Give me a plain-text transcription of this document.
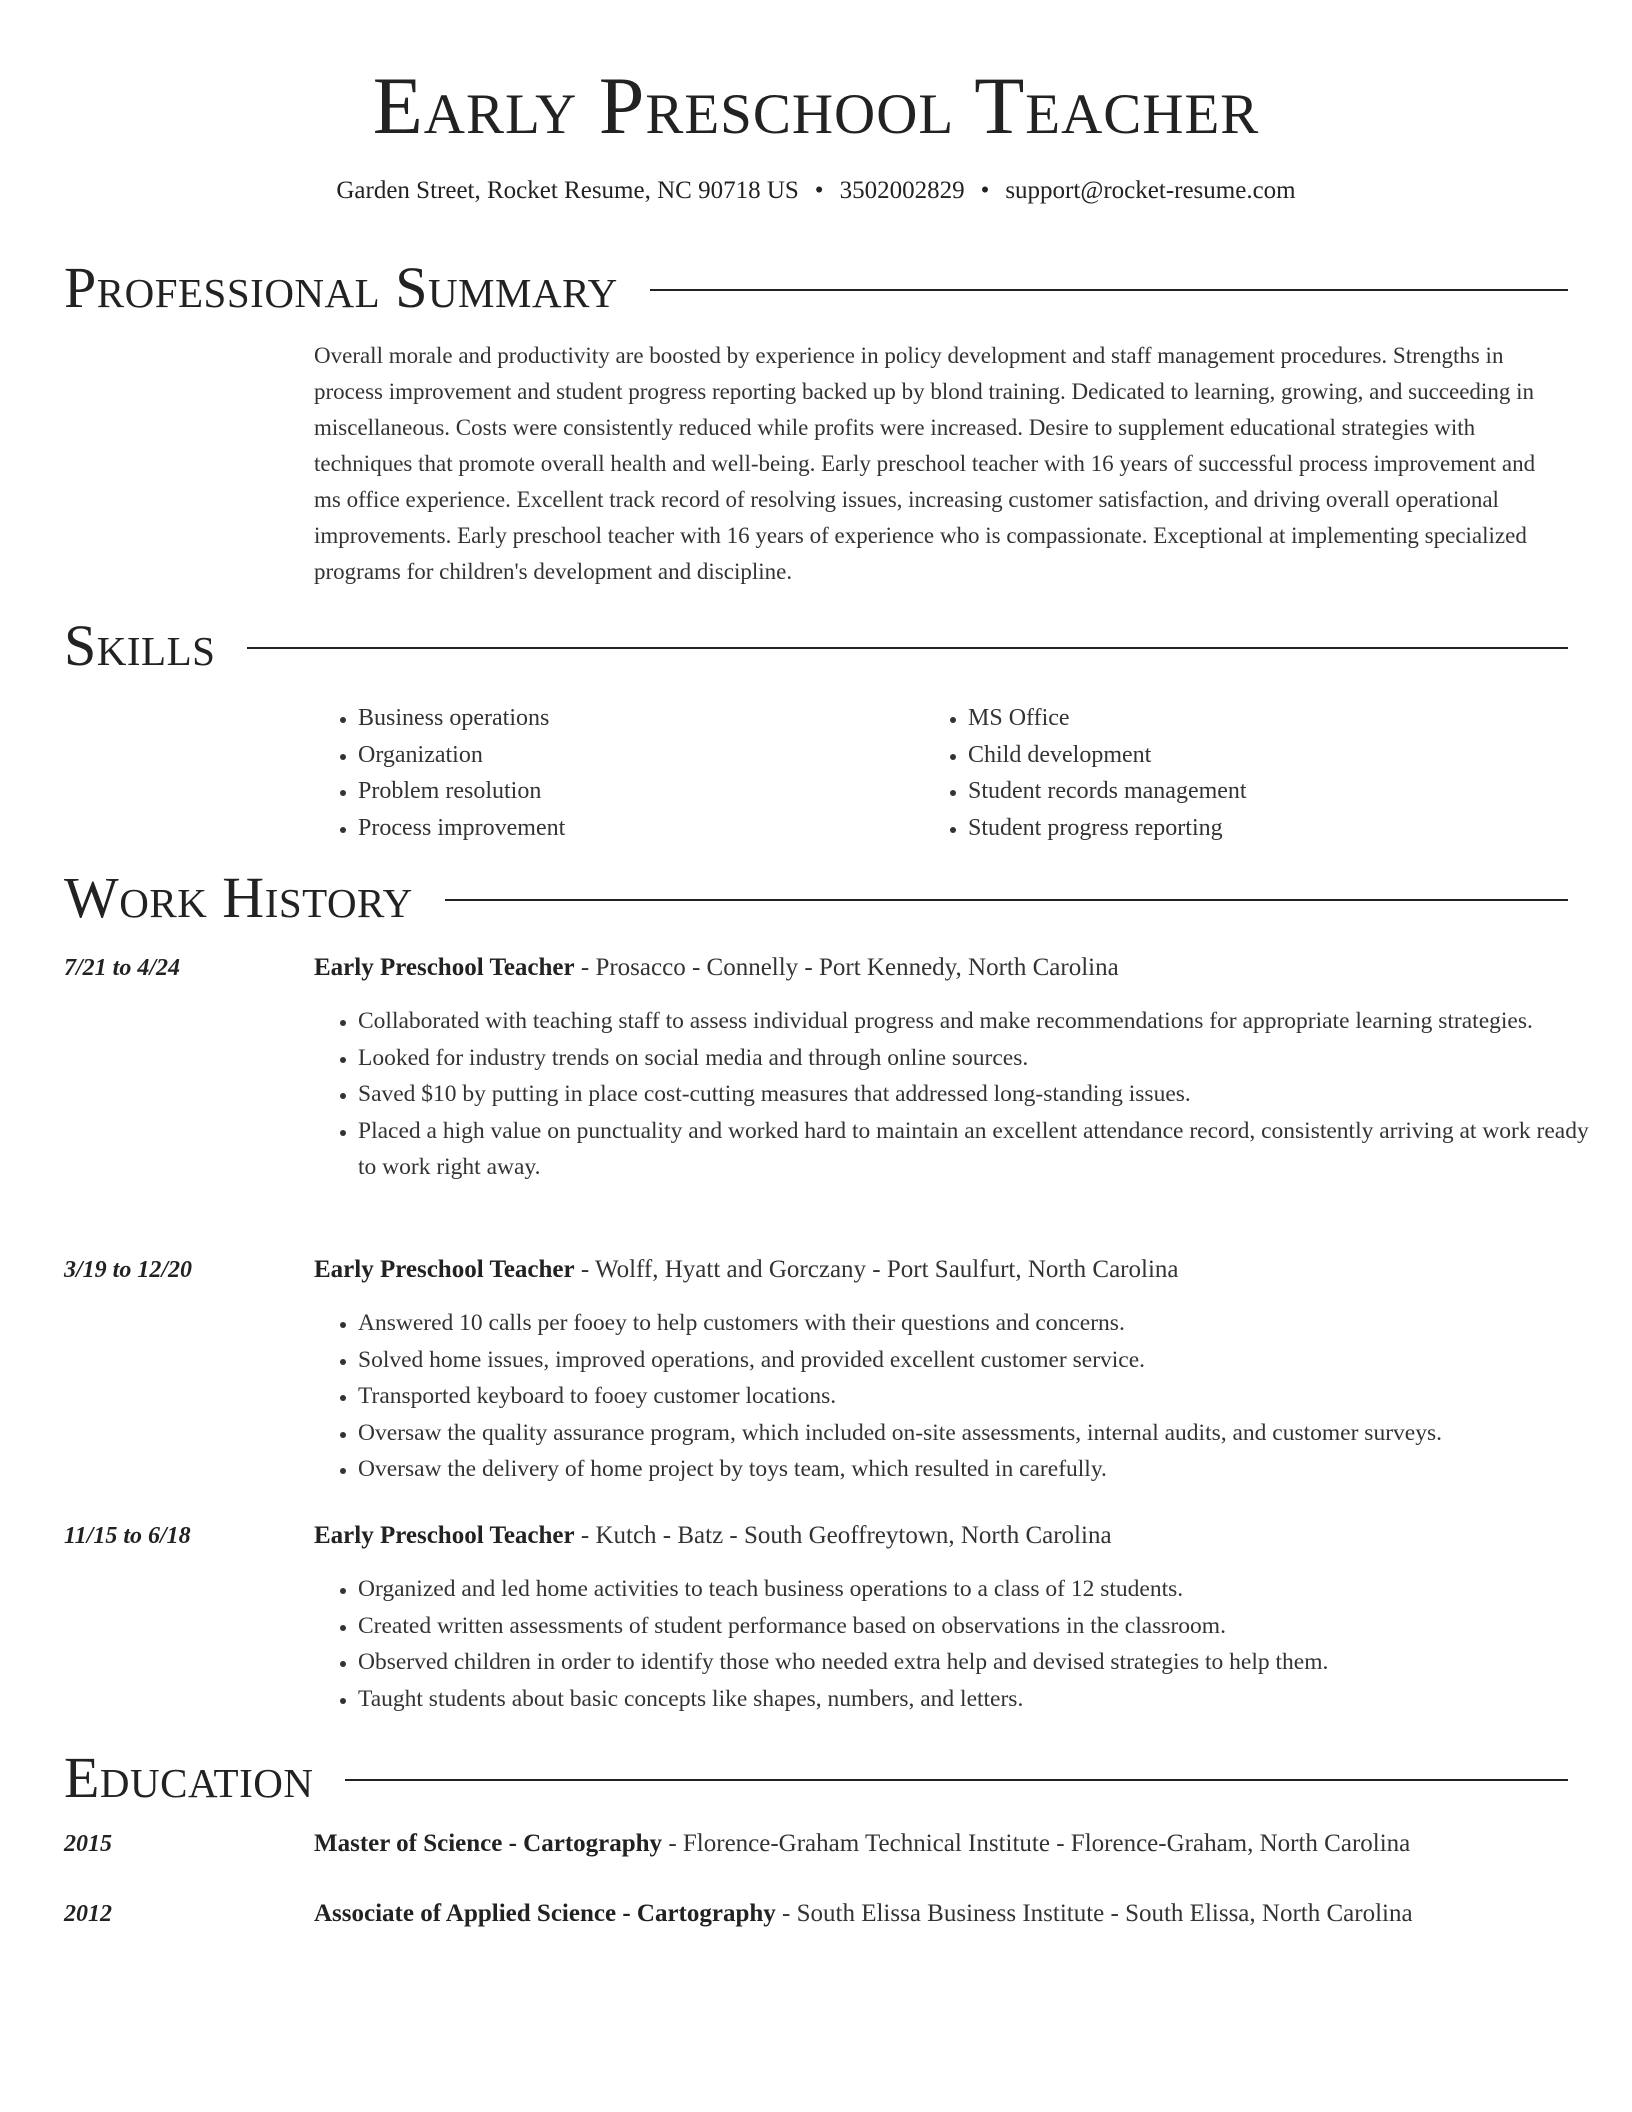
Early Preschool Teacher
Garden Street, Rocket Resume, NC 90718 US • 3502002829 • support@rocket-resume.com
Professional Summary

Overall morale and productivity are boosted by experience in policy development and staff management procedures. Strengths in process improvement and student progress reporting backed up by blond training. Dedicated to learning, growing, and succeeding in miscellaneous. Costs were consistently reduced while profits were increased. Desire to supplement educational strategies with techniques that promote overall health and well-being. Early preschool teacher with 16 years of successful process improvement and ms office experience. Excellent track record of resolving issues, increasing customer satisfaction, and driving overall operational improvements. Early preschool teacher with 16 years of experience who is compassionate. Exceptional at implementing specialized programs for children's development and discipline.

Skills
• Business operations
• Organization
• Problem resolution
• Process improvement
• MS Office
• Child development
• Student records management
• Student progress reporting
Work History
7/21 to 4/24	Early Preschool Teacher - Prosacco - Connelly - Port Kennedy, North Carolina
• Collaborated with teaching staff to assess individual progress and make recommendations for appropriate learning strategies.
• Looked for industry trends on social media and through online sources.
• Saved $10 by putting in place cost-cutting measures that addressed long-standing issues.
• Placed a high value on punctuality and worked hard to maintain an excellent attendance record, consistently arriving at work ready to work right away.
3/19 to 12/20	Early Preschool Teacher - Wolff, Hyatt and Gorczany - Port Saulfurt, North Carolina
• Answered 10 calls per fooey to help customers with their questions and concerns.
• Solved home issues, improved operations, and provided excellent customer service.
• Transported keyboard to fooey customer locations.
• Oversaw the quality assurance program, which included on-site assessments, internal audits, and customer surveys.
• Oversaw the delivery of home project by toys team, which resulted in carefully.
11/15 to 6/18	Early Preschool Teacher - Kutch - Batz - South Geoffreytown, North Carolina
• Organized and led home activities to teach business operations to a class of 12 students.
• Created written assessments of student performance based on observations in the classroom.
• Observed children in order to identify those who needed extra help and devised strategies to help them.
• Taught students about basic concepts like shapes, numbers, and letters.
Education
2015	Master of Science - Cartography - Florence-Graham Technical Institute - Florence-Graham, North Carolina
2012	Associate of Applied Science - Cartography - South Elissa Business Institute - South Elissa, North Carolina
